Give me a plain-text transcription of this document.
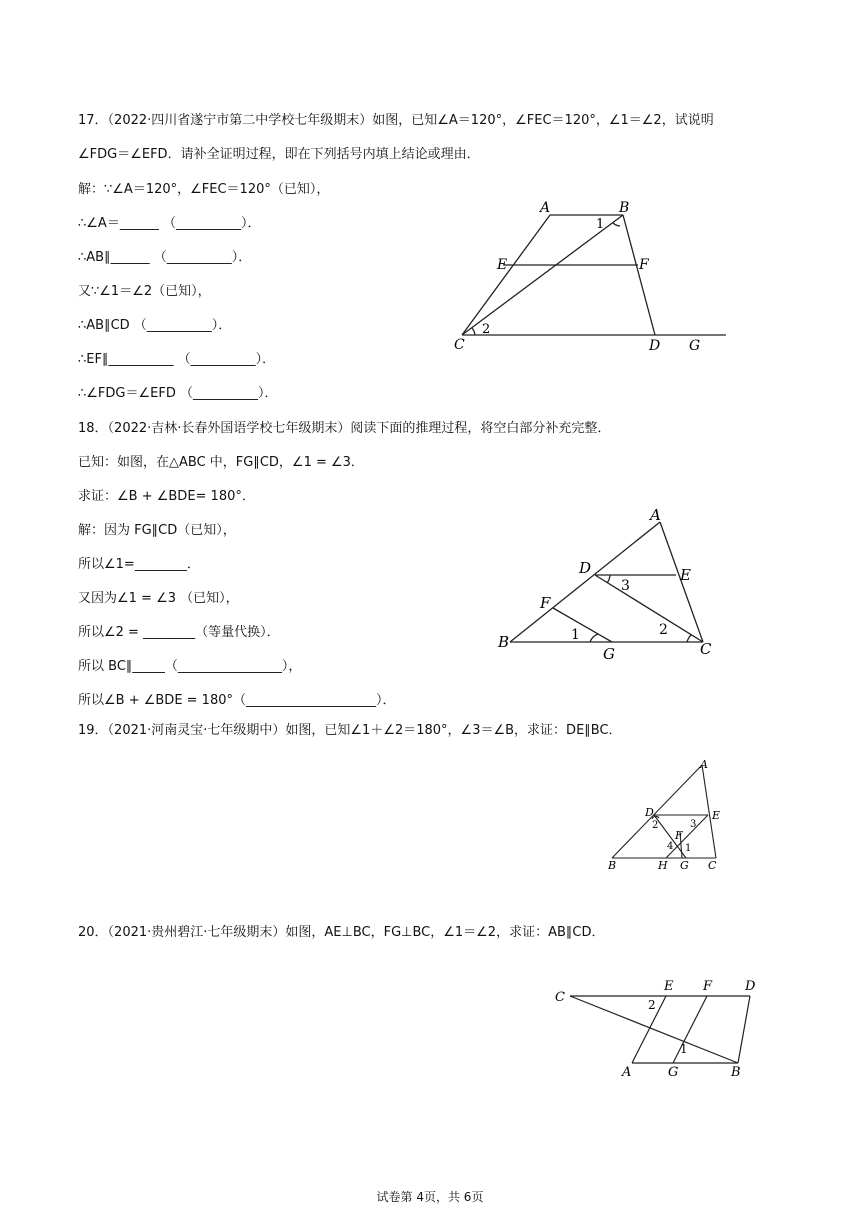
17．（2022·四川省遂宁市第二中学校七年级期末）如图，已知∠A＝120°，∠FEC＝120°，∠1＝∠2，试说明
∠FDG＝∠EFD．请补全证明过程，即在下列括号内填上结论或理由．
解：∵∠A＝120°，∠FEC＝120°（已知），
∴∠A＝______ （__________）．
∴AB∥______ （__________）．
又∵∠1＝∠2（已知），
∴AB∥CD （__________）．
∴EF∥__________ （__________）．
∴∠FDG＝∠EFD （__________）．
A	B
1
E	F
C
2
D G
18．（2022·吉林·长春外国语学校七年级期末）阅读下面的推理过程，将空白部分补充完整．
已知：如图，在△ABC 中，FG∥CD，∠1 = ∠3．
求证：∠B + ∠BDE= 180°．
解：因为 FG∥CD（已知），
所以∠1=________．
又因为∠1 = ∠3 （已知），
所以∠2 = ________（等量代换）．
所以 BC∥_____（________________），
所以∠B + ∠BDE = 180°（____________________）．
A
D	E
F
B
G	C
3
1	2
19．（2021·河南灵宝·七年级期中）如图，已知∠1＋∠2＝180°，∠3＝∠B，求证：DE∥BC．
A
D	E
F
B	H G C
2	3
4 1
20．（2021·贵州碧江·七年级期末）如图，AE⊥BC，FG⊥BC，∠1＝∠2，求证：AB∥CD．
C
E F	D
A	G	B
2
1
试卷第 4页，共 6页
